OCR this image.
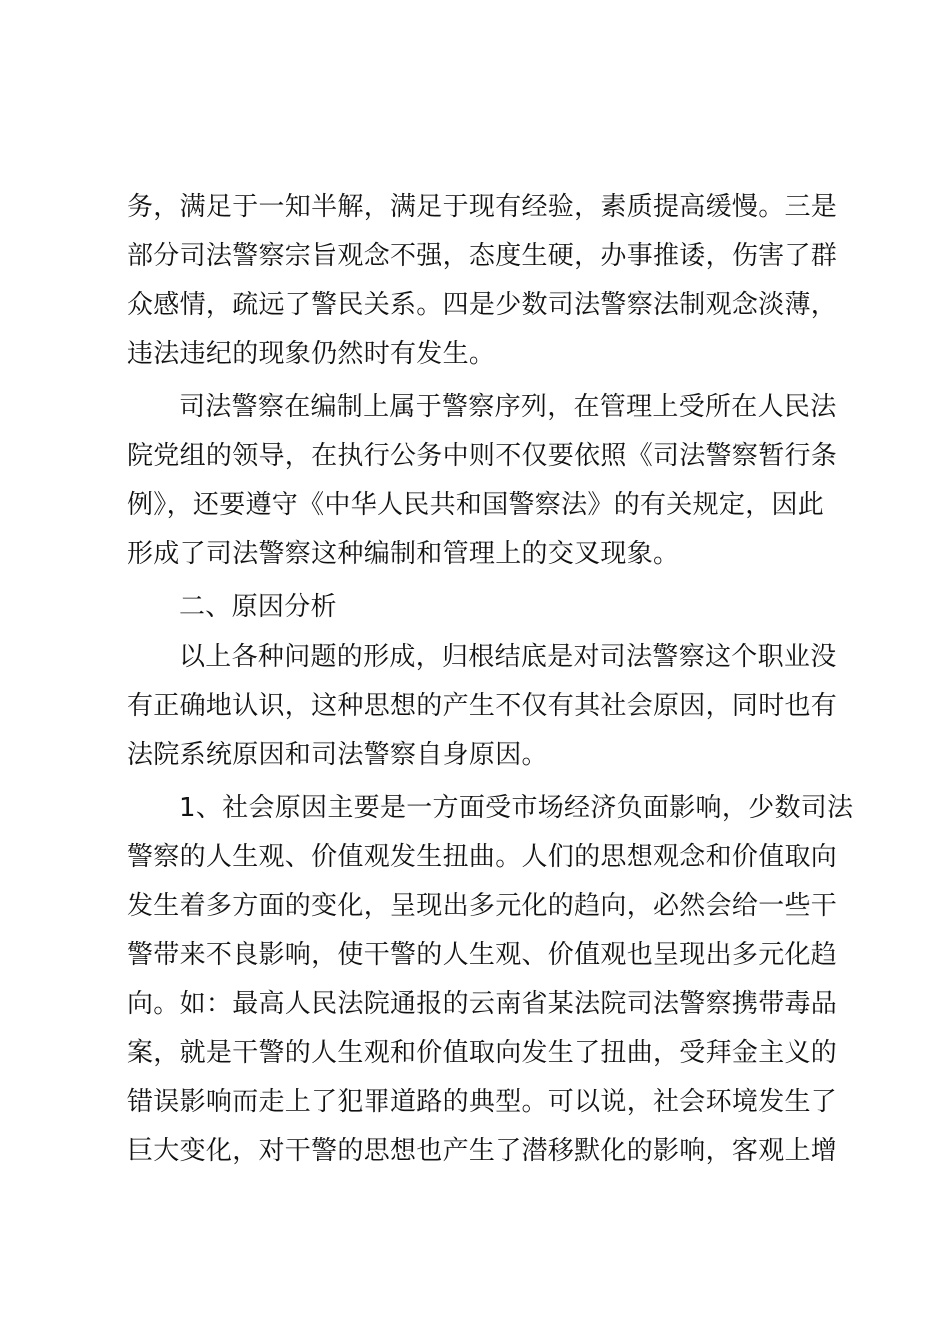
务，满足于一知半解，满足于现有经验，素质提高缓慢。三是
部分司法警察宗旨观念不强，态度生硬，办事推诿，伤害了群
众感情，疏远了警民关系。四是少数司法警察法制观念淡薄，
违法违纪的现象仍然时有发生。
司法警察在编制上属于警察序列，在管理上受所在人民法
院党组的领导，在执行公务中则不仅要依照《司法警察暂行条
例》，还要遵守《中华人民共和国警察法》的有关规定，因此
形成了司法警察这种编制和管理上的交叉现象。
二、原因分析
以上各种问题的形成，归根结底是对司法警察这个职业没
有正确地认识，这种思想的产生不仅有其社会原因，同时也有
法院系统原因和司法警察自身原因。
1、社会原因主要是一方面受市场经济负面影响，少数司法
警察的人生观、价值观发生扭曲。人们的思想观念和价值取向
发生着多方面的变化，呈现出多元化的趋向，必然会给一些干
警带来不良影响，使干警的人生观、价值观也呈现出多元化趋
向。如：最高人民法院通报的云南省某法院司法警察携带毒品
案，就是干警的人生观和价值取向发生了扭曲，受拜金主义的
错误影响而走上了犯罪道路的典型。可以说，社会环境发生了
巨大变化，对干警的思想也产生了潜移默化的影响，客观上增
